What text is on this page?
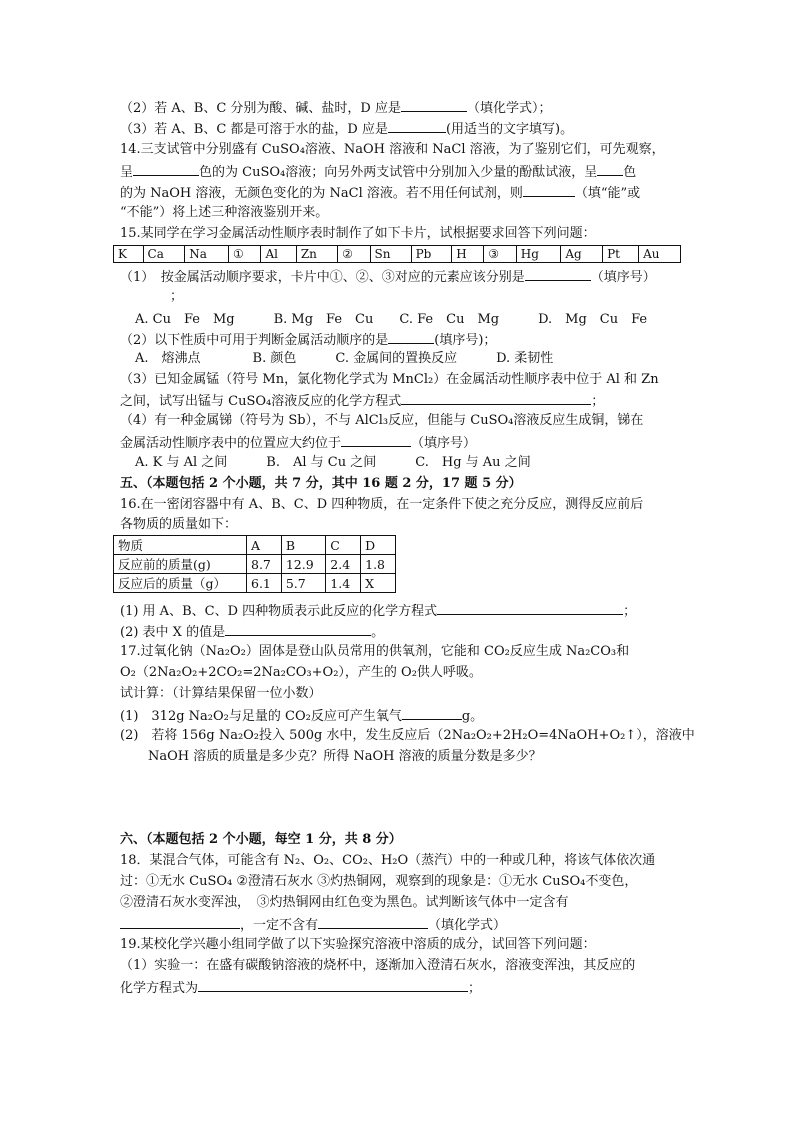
（2）若 A、B、C 分别为酸、碱、盐时，D 应是	（填化学式）；
（3）若 A、B、C 都是可溶于水的盐，D 应是	(用适当的文字填写)。
14.三支试管中分别盛有 CuSO₄溶液、NaOH 溶液和 NaCl 溶液，为了鉴别它们，可先观察，
呈	色的为 CuSO₄溶液；向另外两支试管中分别加入少量的酚酞试液，呈 色
的为 NaOH 溶液，无颜色变化的为 NaCl 溶液。若不用任何试剂，则	（填“能”或
“不能”）将上述三种溶液鉴别开来。
15.某同学在学习金属活动性顺序表时制作了如下卡片，试根据要求回答下列问题：
K	Ca	Na	①	Al	Zn	②	Sn	Pb	H	③	Hg	Ag	Pt	Au
（1）　按金属活动顺序要求，卡片中①、②、③对应的元素应该分别是	（填序号）
；
A. Cu　Fe　Mg　　　B. Mg　Fe　Cu　　C. Fe　Cu　Mg　　　D.　Mg　Cu　Fe
（2）以下性质中可用于判断金属活动顺序的是	(填序号)；
A.　熔沸点　　　　B. 颜色　　　C. 金属间的置换反应　　　D. 柔韧性
（3）已知金属锰（符号 Mn，氯化物化学式为 MnCl₂）在金属活动性顺序表中位于 Al 和 Zn
之间，试写出锰与 CuSO₄溶液反应的化学方程式	；
（4）有一种金属锑（符号为 Sb），不与 AlCl₃反应，但能与 CuSO₄溶液反应生成铜，锑在
金属活动性顺序表中的位置应大约位于	（填序号）
A. K 与 Al 之间　　　B.　Al 与 Cu 之间　　　C.　Hg 与 Au 之间
五、（本题包括 2 个小题，共 7 分，其中 16 题 2 分，17 题 5 分）
16.在一密闭容器中有 A、B、C、D 四种物质，在一定条件下使之充分反应，测得反应前后
各物质的质量如下：
物质	A	B	C	D
反应前的质量(g)	8.7	12.9	2.4	1.8
反应后的质量（g）	6.1	5.7	1.4	X
(1) 用 A、B、C、D 四种物质表示此反应的化学方程式	；
(2) 表中 X 的值是	。
17.过氧化钠（Na₂O₂）固体是登山队员常用的供氧剂，它能和 CO₂反应生成 Na₂CO₃和
O₂（2Na₂O₂+2CO₂=2Na₂CO₃+O₂），产生的 O₂供人呼吸。
试计算：（计算结果保留一位小数）
(1)　312g Na₂O₂与足量的 CO₂反应可产生氧气	g。
(2)　若将 156g Na₂O₂投入 500g 水中，发生反应后（2Na₂O₂+2H₂O=4NaOH+O₂↑），溶液中
NaOH 溶质的质量是多少克？所得 NaOH 溶液的质量分数是多少？
六、（本题包括 2 个小题，每空 1 分，共 8 分）
18．某混合气体，可能含有 N₂、O₂、CO₂、H₂O（蒸汽）中的一种或几种，将该气体依次通
过：①无水 CuSO₄ ②澄清石灰水 ③灼热铜网，观察到的现象是：①无水 CuSO₄不变色，
②澄清石灰水变浑浊，　③灼热铜网由红色变为黑色。试判断该气体中一定含有
，一定不含有	（填化学式）
19.某校化学兴趣小组同学做了以下实验探究溶液中溶质的成分，试回答下列问题：
（1）实验一：在盛有碳酸钠溶液的烧杯中，逐渐加入澄清石灰水，溶液变浑浊，其反应的
化学方程式为	；
